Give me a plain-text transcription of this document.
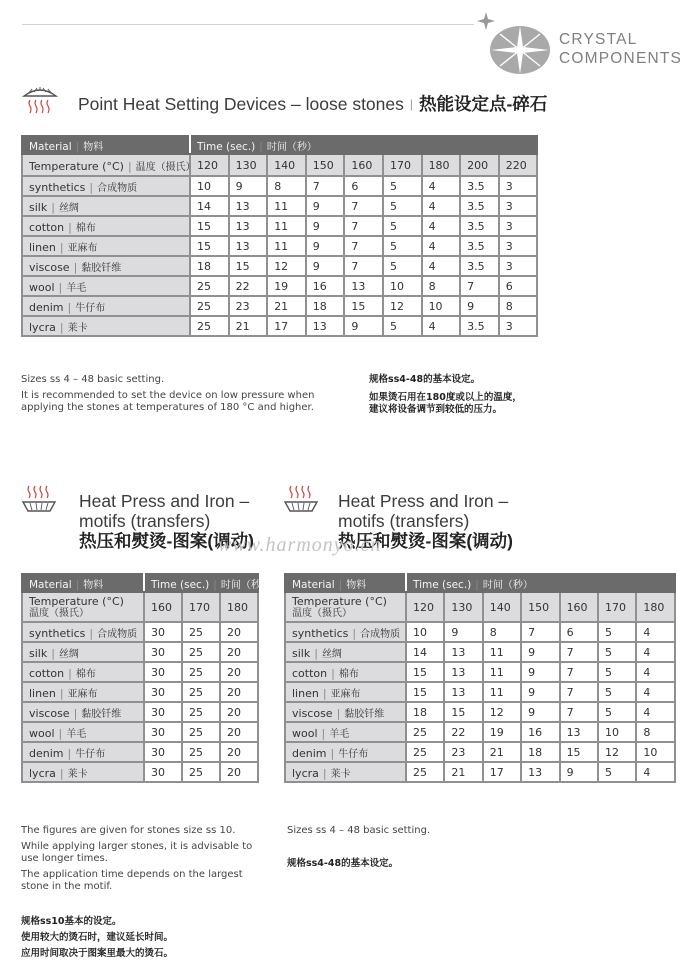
CRYSTAL
COMPONENTS
Point Heat Setting Devices – loose stones | 热能设定点-碎石
Material | 物料	Time (sec.) | 时间（秒）								
Temperature (°C) | 温度（摄氏）	120	130	140	150	160	170	180	200	220
synthetics | 合成物质	10	9	8	7	6	5	4	3.5	3
silk | 丝绸	14	13	11	9	7	5	4	3.5	3
cotton | 棉布	15	13	11	9	7	5	4	3.5	3
linen | 亚麻布	15	13	11	9	7	5	4	3.5	3
viscose | 黏胶钎维	18	15	12	9	7	5	4	3.5	3
wool | 羊毛	25	22	19	16	13	10	8	7	6
denim | 牛仔布	25	23	21	18	15	12	10	9	8
lycra | 莱卡	25	21	17	13	9	5	4	3.5	3

Sizes ss 4 – 48 basic setting.

It is recommended to set the device on low pressure when applying the stones at temperatures of 180 °C and higher.

规格ss4-48的基本设定。

如果烫石用在180度或以上的温度，
建议将设备调节到较低的压力。
Heat Press and Iron –
motifs (transfers)
热压和熨烫-图案(调动)
Material | 物料	Time (sec.) | 时间（秒）		
Temperature (°C)
温度（摄氏）	160	170	180
synthetics | 合成物质	30	25	20
silk | 丝绸	30	25	20
cotton | 棉布	30	25	20
linen | 亚麻布	30	25	20
viscose | 黏胶钎维	30	25	20
wool | 羊毛	30	25	20
denim | 牛仔布	30	25	20
lycra | 莱卡	30	25	20

The figures are given for stones size ss 10.

While applying larger stones, it is advisable to use longer times.

The application time depends on the largest stone in the motif.

规格ss10基本的设定。
使用较大的烫石时，建议延长时间。
应用时间取决于图案里最大的烫石。
Heat Press and Iron –
motifs (transfers)
热压和熨烫-图案(调动)
Material | 物料	Time (sec.) | 时间（秒）						
Temperature (°C)
温度（摄氏）	120	130	140	150	160	170	180
synthetics | 合成物质	10	9	8	7	6	5	4
silk | 丝绸	14	13	11	9	7	5	4
cotton | 棉布	15	13	11	9	7	5	4
linen | 亚麻布	15	13	11	9	7	5	4
viscose | 黏胶钎维	18	15	12	9	7	5	4
wool | 羊毛	25	22	19	16	13	10	8
denim | 牛仔布	25	23	21	18	15	12	10
lycra | 莱卡	25	21	17	13	9	5	4

Sizes ss 4 – 48 basic setting.

规格ss4-48的基本设定。
www.harmonyo.cn
